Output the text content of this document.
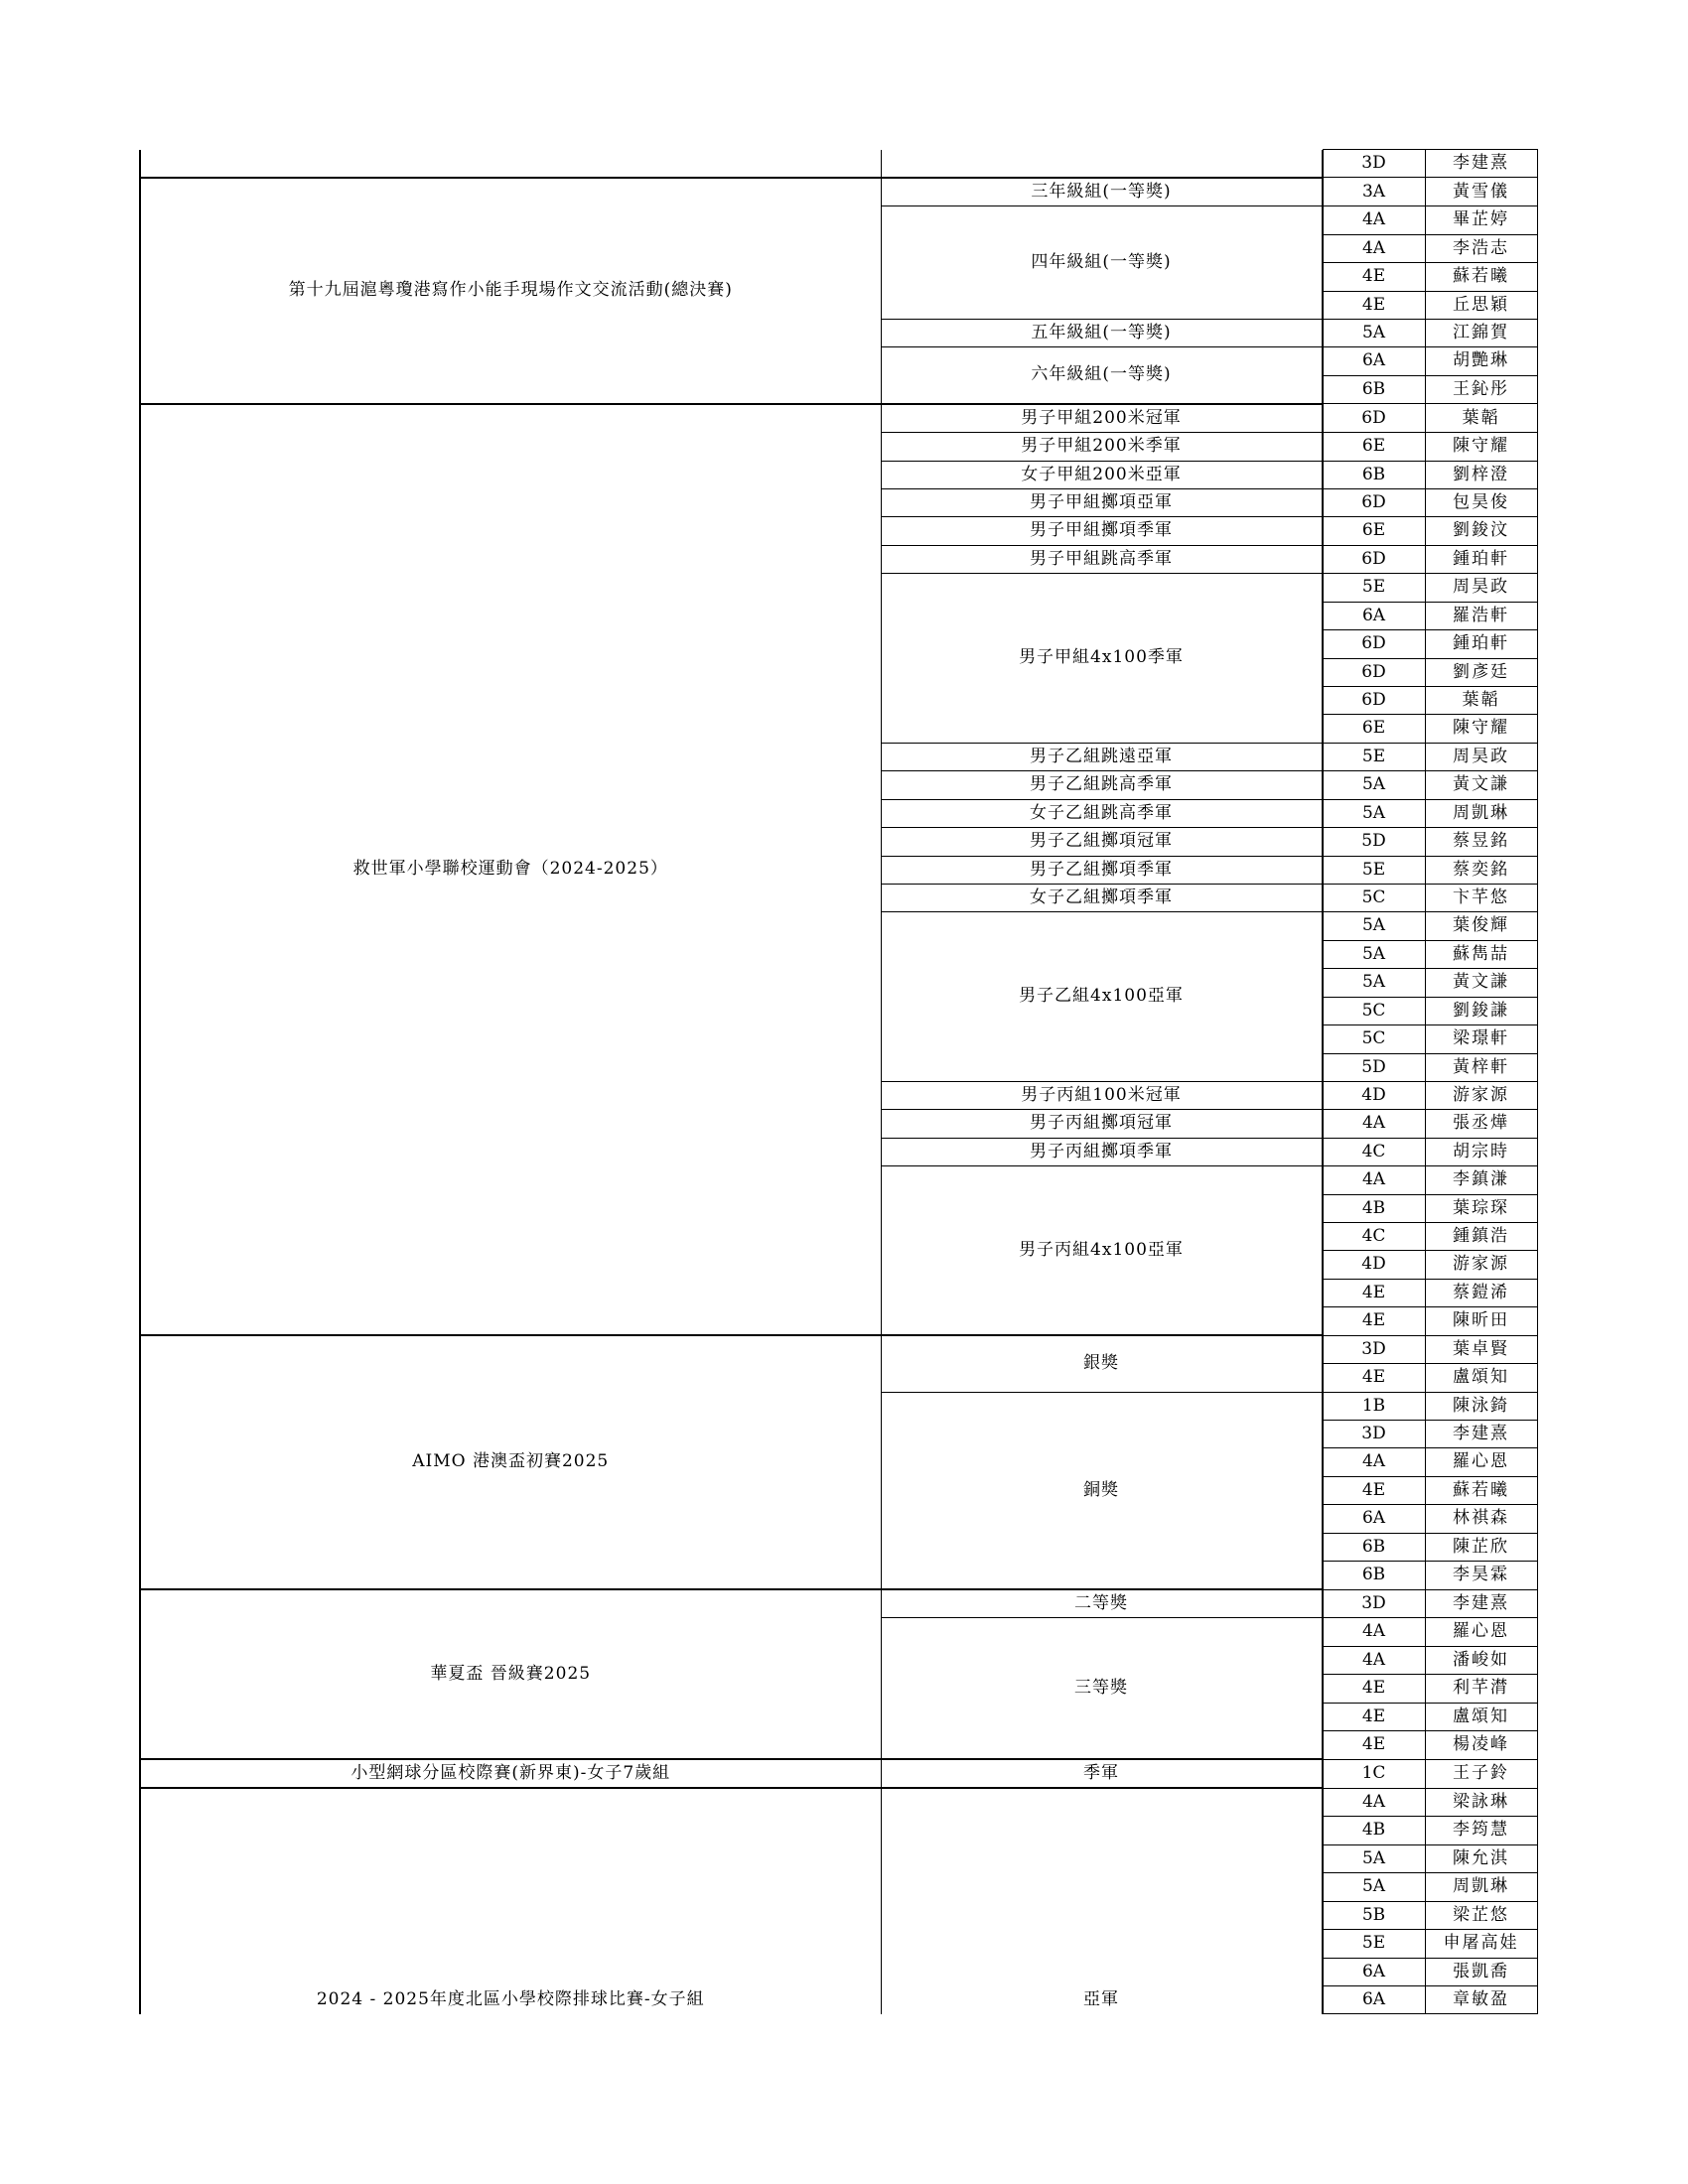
			3D	李建熹
第十九屆滬粵瓊港寫作小能手現場作文交流活動(總決賽)	三年級組(一等獎)		3A	黃雪儀
	四年級組(一等獎)		4A	畢芷婷
		4A	李浩志
		4E	蘇若曦
		4E	丘思穎
	五年級組(一等獎)		5A	江錦賀
	六年級組(一等獎)		6A	胡艷琳
		6B	王鈊彤
救世軍小學聯校運動會（2024-2025）	男子甲組200米冠軍		6D	葉韜
	男子甲組200米季軍		6E	陳守耀
	女子甲組200米亞軍		6B	劉梓澄
	男子甲組擲項亞軍		6D	包昊俊
	男子甲組擲項季軍		6E	劉鋑汶
	男子甲組跳高季軍		6D	鍾珀軒
	男子甲組4x100季軍		5E	周昊政
		6A	羅浩軒
		6D	鍾珀軒
		6D	劉彥廷
		6D	葉韜
		6E	陳守耀
	男子乙組跳遠亞軍		5E	周昊政
	男子乙組跳高季軍		5A	黃文謙
	女子乙組跳高季軍		5A	周凱琳
	男子乙組擲項冠軍		5D	蔡昱銘
	男子乙組擲項季軍		5E	蔡奕銘
	女子乙組擲項季軍		5C	卞芊悠
	男子乙組4x100亞軍		5A	葉俊輝
		5A	蘇雋喆
		5A	黃文謙
		5C	劉鋑謙
		5C	梁璟軒
		5D	黃梓軒
	男子丙組100米冠軍		4D	游家源
	男子丙組擲項冠軍		4A	張丞燁
	男子丙組擲項季軍		4C	胡宗時
	男子丙組4x100亞軍		4A	李鎮溓
		4B	葉琮琛
		4C	鍾鎮浩
		4D	游家源
		4E	蔡鎧浠
		4E	陳昕田
AIMO 港澳盃初賽2025	銀獎		3D	葉卓賢
		4E	盧頌知
	銅獎		1B	陳泳錡
		3D	李建熹
		4A	羅心恩
		4E	蘇若曦
		6A	林祺森
		6B	陳芷欣
		6B	李昊霖
華夏盃 晉級賽2025	二等獎		3D	李建熹
	三等獎		4A	羅心恩
		4A	潘峻如
		4E	利芊潸
		4E	盧頌知
		4E	楊凌峰
小型網球分區校際賽(新界東)-女子7歲組	季軍		1C	王子鈴
2024 - 2025年度北區小學校際排球比賽-女子組	亞軍		4A	梁詠琳
		4B	李筠慧
		5A	陳允淇
		5A	周凱琳
		5B	梁芷悠
		5E	申屠高娃
		6A	張凱喬
		6A	章敏盈
